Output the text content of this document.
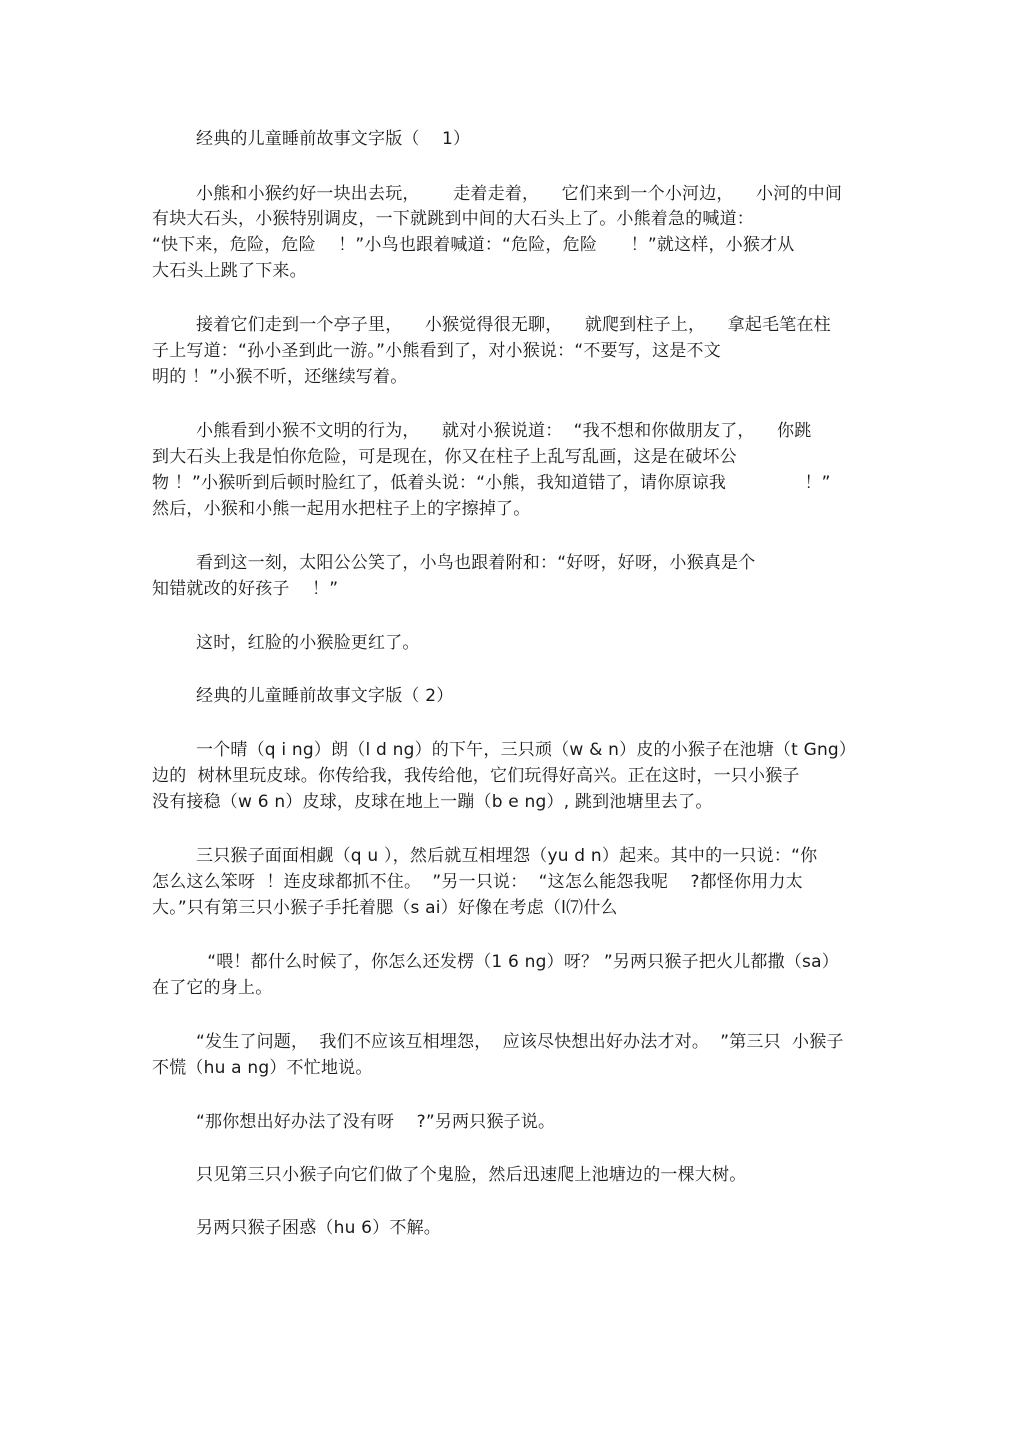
经典的儿童睡前故事文字版（    1）
小熊和小猴约好一块出去玩，      走着走着，    它们来到一个小河边，    小河的中间
有块大石头，小猴特别调皮，一下就跳到中间的大石头上了。小熊着急的喊道：
“快下来，危险，危险    ！”小鸟也跟着喊道：“危险，危险      ！”就这样，小猴才从
大石头上跳了下来。
接着它们走到一个亭子里，    小猴觉得很无聊，    就爬到柱子上，    拿起毛笔在柱
子上写道：“孙小圣到此一游。”小熊看到了，对小猴说：“不要写，这是不文
明的 ！”小猴不听，还继续写着。
小熊看到小猴不文明的行为，    就对小猴说道：  “我不想和你做朋友了，    你跳
到大石头上我是怕你危险，可是现在，你又在柱子上乱写乱画，这是在破坏公
物 ！”小猴听到后顿时脸红了，低着头说：“小熊，我知道错了，请你原谅我              ！”
然后，小猴和小熊一起用水把柱子上的字擦掉了。
看到这一刻，太阳公公笑了，小鸟也跟着附和：“好呀，好呀，小猴真是个
知错就改的好孩子    ！”
这时，红脸的小猴脸更红了。
经典的儿童睡前故事文字版（ 2）
一个晴（q i ng）朗（l d ng）的下午，三只顽（w & n）皮的小猴子在池塘（t Gng）
边的  树林里玩皮球。你传给我，我传给他，它们玩得好高兴。正在这时，一只小猴子
没有接稳（w 6 n）皮球，皮球在地上一蹦（b e ng）, 跳到池塘里去了。
三只猴子面面相觑（q u ），然后就互相埋怨（yu d n）起来。其中的一只说：“你
怎么这么笨呀  ！连皮球都抓不住。  ”另一只说：  “这怎么能怨我呢    ?都怪你用力太
大。”只有第三只小猴子手托着腮（s ai）好像在考虑（l⑺什么
“喂！都什么时候了，你怎么还发楞（1 6 ng）呀？ ”另两只猴子把火儿都撒（sa）
在了它的身上。
“发生了问题，  我们不应该互相埋怨，  应该尽快想出好办法才对。  ”第三只  小猴子
不慌（hu a ng）不忙地说。
“那你想出好办法了没有呀    ?”另两只猴子说。
只见第三只小猴子向它们做了个鬼脸，然后迅速爬上池塘边的一棵大树。
另两只猴子困惑（hu 6）不解。
